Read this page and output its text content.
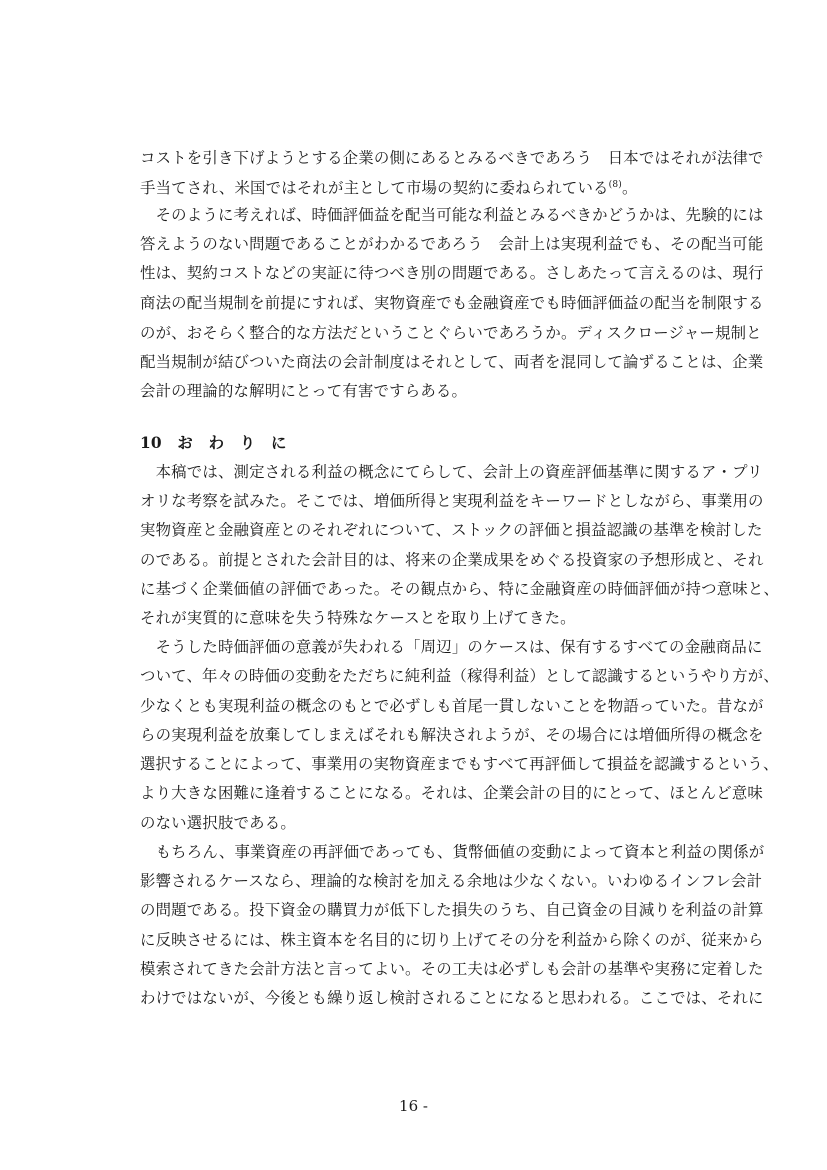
コストを引き下げようとする企業の側にあるとみるべきであろう　日本ではそれが法律で
手当てされ、米国ではそれが主として市場の契約に委ねられている$^{(8)}$。
　そのように考えれば、時価評価益を配当可能な利益とみるべきかどうかは、先験的には
答えようのない問題であることがわかるであろう　会計上は実現利益でも、その配当可能
性は、契約コストなどの実証に待つべき別の問題である。さしあたって言えるのは、現行
商法の配当規制を前提にすれば、実物資産でも金融資産でも時価評価益の配当を制限する
のが、おそらく整合的な方法だということぐらいであろうか。ディスクロージャー規制と
配当規制が結びついた商法の会計制度はそれとして、両者を混同して論ずることは、企業
会計の理論的な解明にとって有害ですらある。
10　お　わ　り　に
　本稿では、測定される利益の概念にてらして、会計上の資産評価基準に関するア・プリ
オリな考察を試みた。そこでは、増価所得と実現利益をキーワードとしながら、事業用の
実物資産と金融資産とのそれぞれについて、ストックの評価と損益認識の基準を検討した
のである。前提とされた会計目的は、将来の企業成果をめぐる投資家の予想形成と、それ
に基づく企業価値の評価であった。その観点から、特に金融資産の時価評価が持つ意味と、
それが実質的に意味を失う特殊なケースとを取り上げてきた。
　そうした時価評価の意義が失われる「周辺」のケースは、保有するすべての金融商品に
ついて、年々の時価の変動をただちに純利益（稼得利益）として認識するというやり方が、
少なくとも実現利益の概念のもとで必ずしも首尾一貫しないことを物語っていた。昔なが
らの実現利益を放棄してしまえばそれも解決されようが、その場合には増価所得の概念を
選択することによって、事業用の実物資産までもすべて再評価して損益を認識するという、
より大きな困難に逢着することになる。それは、企業会計の目的にとって、ほとんど意味
のない選択肢である。
　もちろん、事業資産の再評価であっても、貨幣価値の変動によって資本と利益の関係が
影響されるケースなら、理論的な検討を加える余地は少なくない。いわゆるインフレ会計
の問題である。投下資金の購買力が低下した損失のうち、自己資金の目減りを利益の計算
に反映させるには、株主資本を名目的に切り上げてその分を利益から除くのが、従来から
模索されてきた会計方法と言ってよい。その工夫は必ずしも会計の基準や実務に定着した
わけではないが、今後とも繰り返し検討されることになると思われる。ここでは、それに
16 -
